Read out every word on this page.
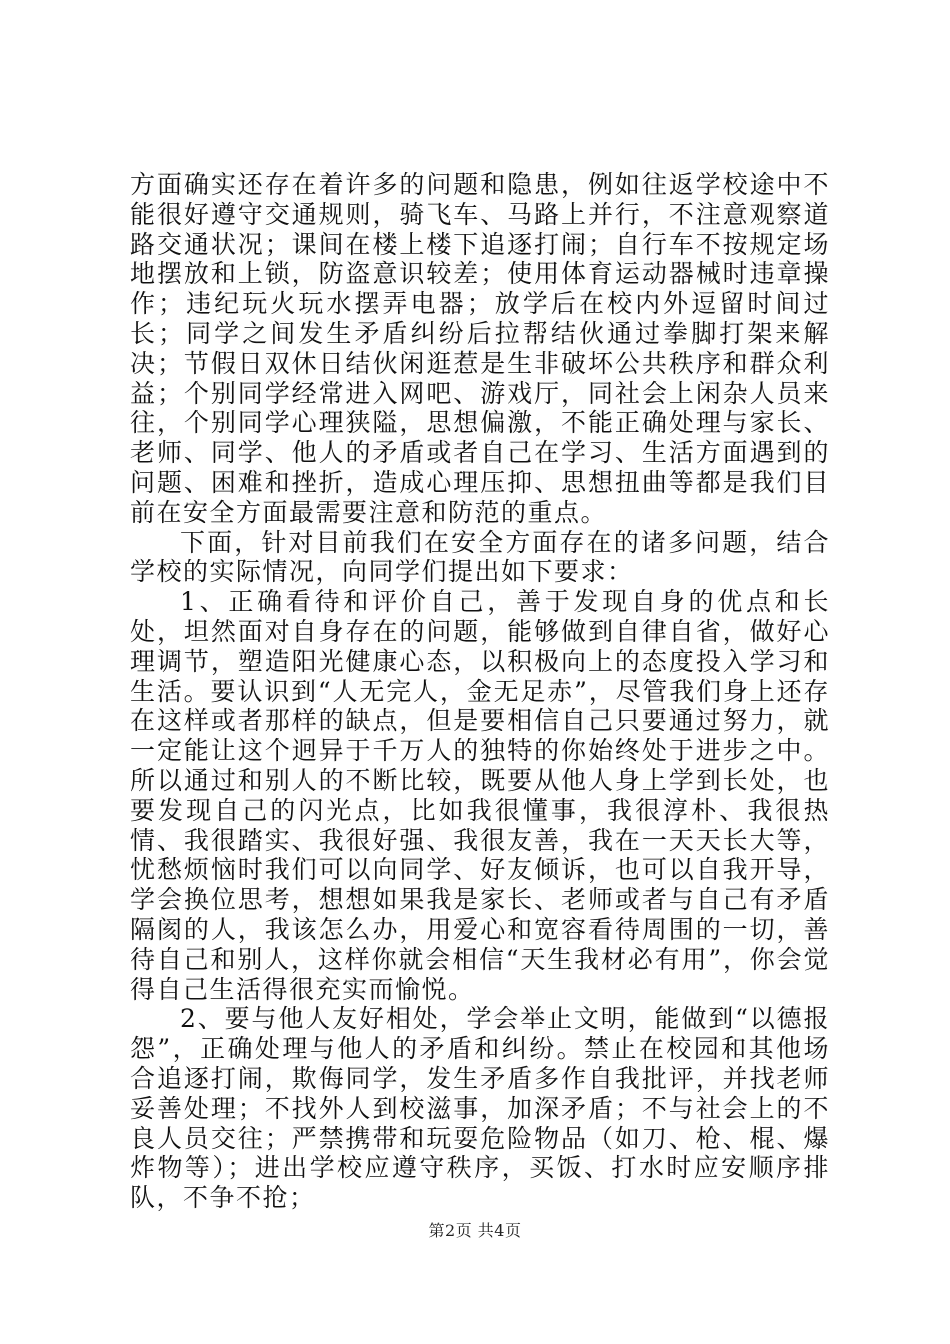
方面确实还存在着许多的问题和隐患，例如往返学校途中不能很好遵守交通规则，骑飞车、马路上并行，不注意观察道路交通状况；课间在楼上楼下追逐打闹；自行车不按规定场地摆放和上锁，防盗意识较差；使用体育运动器械时违章操作；违纪玩火玩水摆弄电器；放学后在校内外逗留时间过长；同学之间发生矛盾纠纷后拉帮结伙通过拳脚打架来解决；节假日双休日结伙闲逛惹是生非破坏公共秩序和群众利益；个别同学经常进入网吧、游戏厅，同社会上闲杂人员来往，个别同学心理狭隘，思想偏激，不能正确处理与家长、老师、同学、他人的矛盾或者自己在学习、生活方面遇到的问题、困难和挫折，造成心理压抑、思想扭曲等都是我们目前在安全方面最需要注意和防范的重点。

下面，针对目前我们在安全方面存在的诸多问题，结合学校的实际情况，向同学们提出如下要求：

1、正确看待和评价自己，善于发现自身的优点和长处，坦然面对自身存在的问题，能够做到自律自省，做好心理调节，塑造阳光健康心态，以积极向上的态度投入学习和生活。要认识到“人无完人，金无足赤”，尽管我们身上还存在这样或者那样的缺点，但是要相信自己只要通过努力，就一定能让这个迥异于千万人的独特的你始终处于进步之中。所以通过和别人的不断比较，既要从他人身上学到长处，也要发现自己的闪光点，比如我很懂事，我很淳朴、我很热情、我很踏实、我很好强、我很友善，我在一天天长大等，忧愁烦恼时我们可以向同学、好友倾诉，也可以自我开导，学会换位思考，想想如果我是家长、老师或者与自己有矛盾隔阂的人，我该怎么办，用爱心和宽容看待周围的一切，善待自己和别人，这样你就会相信“天生我材必有用”，你会觉得自己生活得很充实而愉悦。

2、要与他人友好相处，学会举止文明，能做到“以德报怨”，正确处理与他人的矛盾和纠纷。禁止在校园和其他场合追逐打闹，欺侮同学，发生矛盾多作自我批评，并找老师妥善处理；不找外人到校滋事，加深矛盾；不与社会上的不良人员交往；严禁携带和玩耍危险物品（如刀、枪、棍、爆炸物等）；进出学校应遵守秩序，买饭、打水时应安顺序排队，不争不抢；

第2页 共4页
